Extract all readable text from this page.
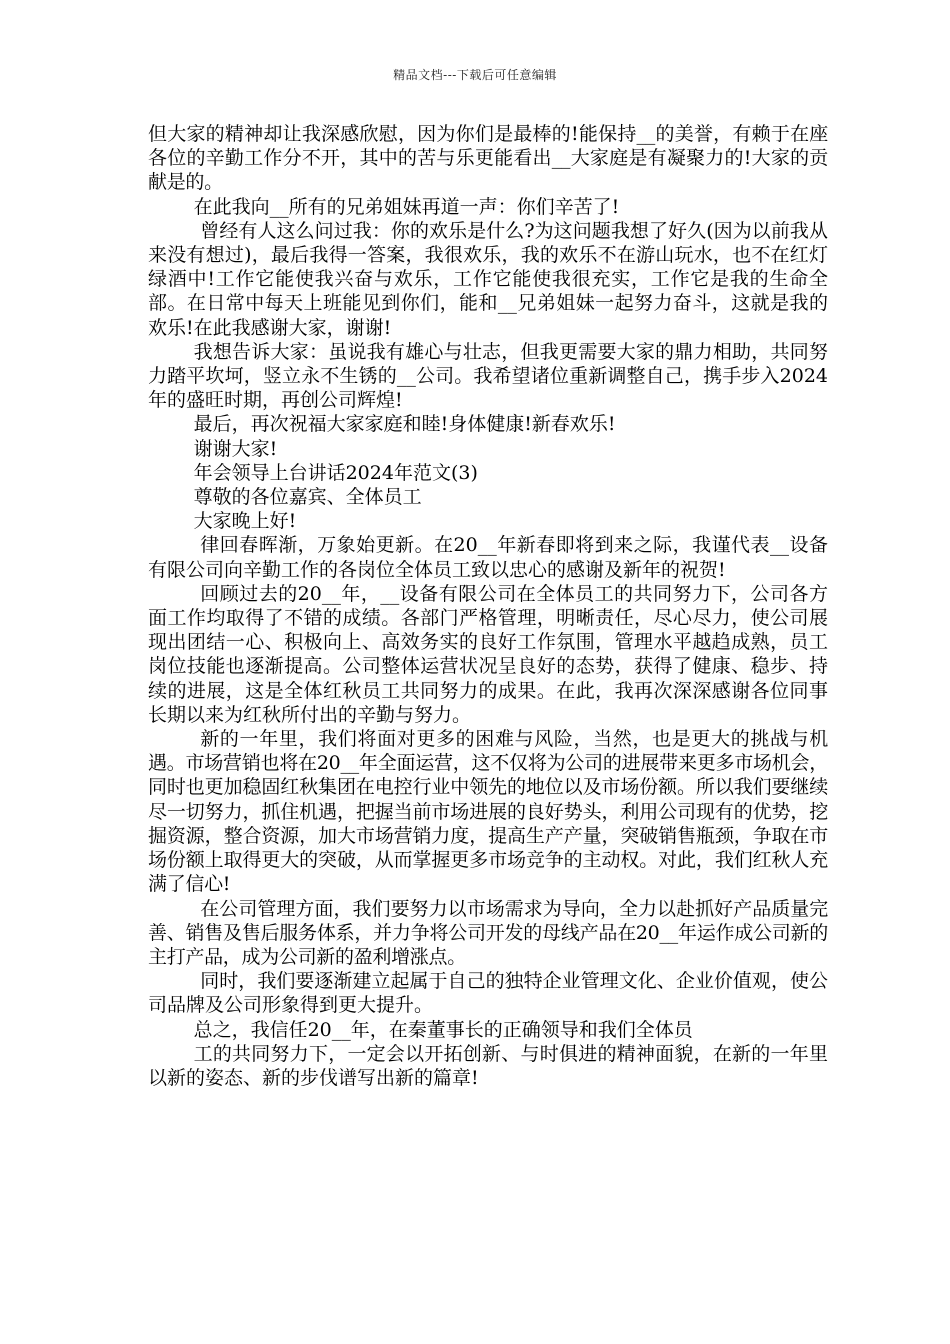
精品文档---下载后可任意编辑

但大家的精神却让我深感欣慰，因为你们是最棒的!能保持__的美誉，有赖于在座各位的辛勤工作分不开，其中的苦与乐更能看出__大家庭是有凝聚力的!大家的贡献是的。

在此我向__所有的兄弟姐妹再道一声：你们辛苦了!

曾经有人这么问过我：你的欢乐是什么?为这问题我想了好久(因为以前我从来没有想过)，最后我得一答案，我很欢乐，我的欢乐不在游山玩水，也不在红灯绿酒中!工作它能使我兴奋与欢乐，工作它能使我很充实，工作它是我的生命全部。在日常中每天上班能见到你们，能和__兄弟姐妹一起努力奋斗，这就是我的欢乐!在此我感谢大家，谢谢!

我想告诉大家：虽说我有雄心与壮志，但我更需要大家的鼎力相助，共同努力踏平坎坷，竖立永不生锈的__公司。我希望诸位重新调整自己，携手步入2024年的盛旺时期，再创公司辉煌!

最后，再次祝福大家家庭和睦!身体健康!新春欢乐!

谢谢大家!

年会领导上台讲话2024年范文(3)

尊敬的各位嘉宾、全体员工

大家晚上好!

律回春晖渐，万象始更新。在20__年新春即将到来之际，我谨代表__设备有限公司向辛勤工作的各岗位全体员工致以忠心的感谢及新年的祝贺!

回顾过去的20__年，__设备有限公司在全体员工的共同努力下，公司各方面工作均取得了不错的成绩。各部门严格管理，明晰责任，尽心尽力，使公司展现出团结一心、积极向上、高效务实的良好工作氛围，管理水平越趋成熟，员工岗位技能也逐渐提高。公司整体运营状况呈良好的态势，获得了健康、稳步、持续的进展，这是全体红秋员工共同努力的成果。在此，我再次深深感谢各位同事长期以来为红秋所付出的辛勤与努力。

新的一年里，我们将面对更多的困难与风险，当然，也是更大的挑战与机遇。市场营销也将在20__年全面运营，这不仅将为公司的进展带来更多市场机会，同时也更加稳固红秋集团在电控行业中领先的地位以及市场份额。所以我们要继续尽一切努力，抓住机遇，把握当前市场进展的良好势头，利用公司现有的优势，挖掘资源，整合资源，加大市场营销力度，提高生产产量，突破销售瓶颈，争取在市场份额上取得更大的突破，从而掌握更多市场竞争的主动权。对此，我们红秋人充满了信心!

在公司管理方面，我们要努力以市场需求为导向，全力以赴抓好产品质量完善、销售及售后服务体系，并力争将公司开发的母线产品在20__年运作成公司新的主打产品，成为公司新的盈利增涨点。

同时，我们要逐渐建立起属于自己的独特企业管理文化、企业价值观，使公司品牌及公司形象得到更大提升。

总之，我信任20__年，在秦董事长的正确领导和我们全体员

工的共同努力下，一定会以开拓创新、与时俱进的精神面貌，在新的一年里以新的姿态、新的步伐谱写出新的篇章!
